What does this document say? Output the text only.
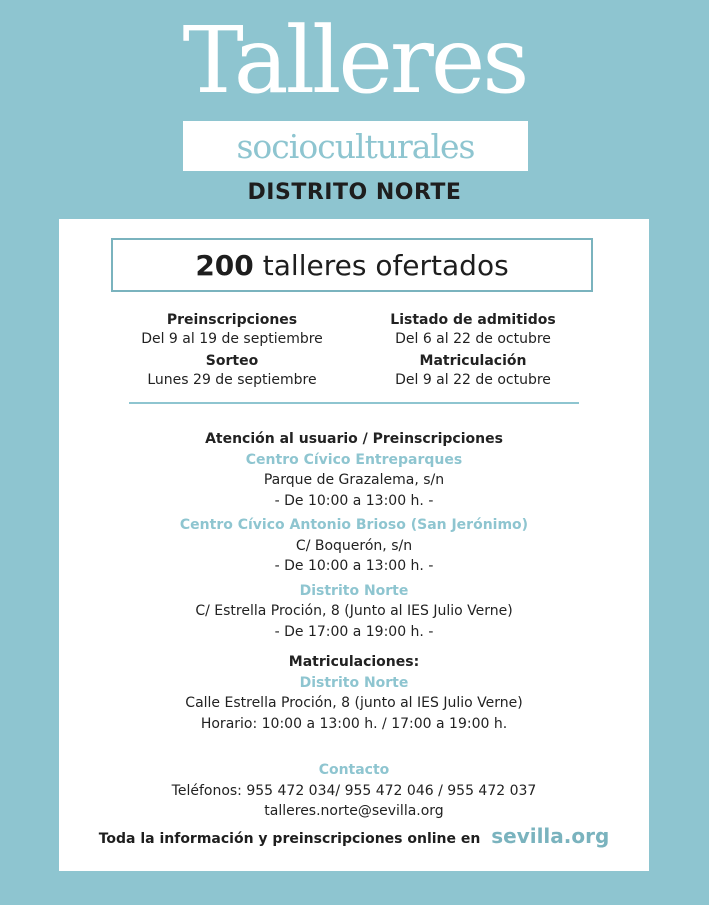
Talleres
socioculturales
DISTRITO NORTE
200 talleres ofertados
Preinscripciones
Del 9 al 19 de septiembre
Listado de admitidos
Del 6 al 22 de octubre
Sorteo
Lunes 29 de septiembre
Matriculación
Del 9 al 22 de octubre
Atención al usuario / Preinscripciones
Centro Cívico Entreparques
Parque de Grazalema, s/n
- De 10:00 a 13:00 h. -
Centro Cívico Antonio Brioso (San Jerónimo)
C/ Boquerón, s/n
- De 10:00 a 13:00 h. -
Distrito Norte
C/ Estrella Proción, 8 (Junto al IES Julio Verne)
- De 17:00 a 19:00 h. -
Matriculaciones:
Distrito Norte
Calle Estrella Proción, 8 (junto al IES Julio Verne)
Horario: 10:00 a 13:00 h. / 17:00 a 19:00 h.
Contacto
Teléfonos: 955 472 034/ 955 472 046 / 955 472 037
talleres.norte@sevilla.org
Toda la información y preinscripciones online en sevilla.org
